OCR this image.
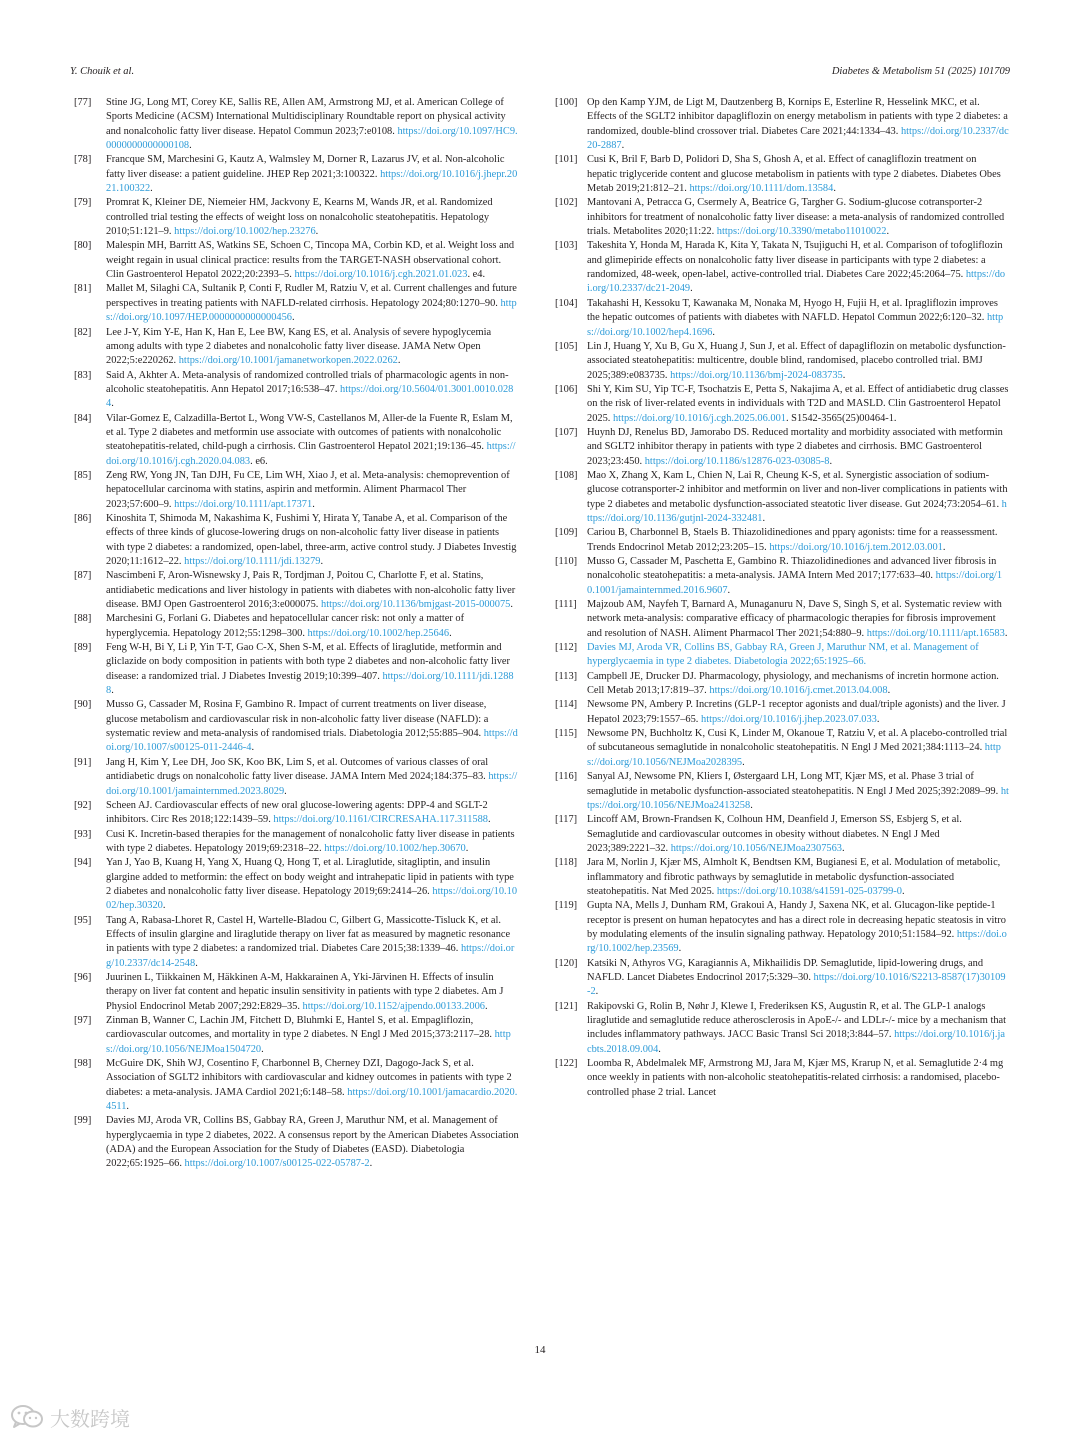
Y. Chouik et al.	Diabetes & Metabolism 51 (2025) 101709

[77]	Stine JG, Long MT, Corey KE, Sallis RE, Allen AM, Armstrong MJ, et al. American College of Sports Medicine (ACSM) International Multidisciplinary Roundtable report on physical activity and nonalcoholic fatty liver disease. Hepatol Commun 2023;7:e0108. https://doi.org/10.1097/HC9.0000000000000108.

[78]	Francque SM, Marchesini G, Kautz A, Walmsley M, Dorner R, Lazarus JV, et al. Non-alcoholic fatty liver disease: a patient guideline. JHEP Rep 2021;3:100322. https://doi.org/10.1016/j.jhepr.2021.100322.

[79]	Promrat K, Kleiner DE, Niemeier HM, Jackvony E, Kearns M, Wands JR, et al. Randomized controlled trial testing the effects of weight loss on nonalcoholic steatohepatitis. Hepatology 2010;51:121–9. https://doi.org/10.1002/hep.23276.

[80]	Malespin MH, Barritt AS, Watkins SE, Schoen C, Tincopa MA, Corbin KD, et al. Weight loss and weight regain in usual clinical practice: results from the TARGET-NASH observational cohort. Clin Gastroenterol Hepatol 2022;20:2393–5. https://doi.org/10.1016/j.cgh.2021.01.023. e4.

[81]	Mallet M, Silaghi CA, Sultanik P, Conti F, Rudler M, Ratziu V, et al. Current challenges and future perspectives in treating patients with NAFLD-related cirrhosis. Hepatology 2024;80:1270–90. https://doi.org/10.1097/HEP.0000000000000456.

[82]	Lee J-Y, Kim Y-E, Han K, Han E, Lee BW, Kang ES, et al. Analysis of severe hypoglycemia among adults with type 2 diabetes and nonalcoholic fatty liver disease. JAMA Netw Open 2022;5:e220262. https://doi.org/10.1001/jamanetworkopen.2022.0262.

[83]	Said A, Akhter A. Meta-analysis of randomized controlled trials of pharmacologic agents in non-alcoholic steatohepatitis. Ann Hepatol 2017;16:538–47. https://doi.org/10.5604/01.3001.0010.0284.

[84]	Vilar-Gomez E, Calzadilla-Bertot L, Wong VW-S, Castellanos M, Aller-de la Fuente R, Eslam M, et al. Type 2 diabetes and metformin use associate with outcomes of patients with nonalcoholic steatohepatitis-related, child-pugh a cirrhosis. Clin Gastroenterol Hepatol 2021;19:136–45. https://doi.org/10.1016/j.cgh.2020.04.083. e6.

[85]	Zeng RW, Yong JN, Tan DJH, Fu CE, Lim WH, Xiao J, et al. Meta-analysis: chemoprevention of hepatocellular carcinoma with statins, aspirin and metformin. Aliment Pharmacol Ther 2023;57:600–9. https://doi.org/10.1111/apt.17371.

[86]	Kinoshita T, Shimoda M, Nakashima K, Fushimi Y, Hirata Y, Tanabe A, et al. Comparison of the effects of three kinds of glucose-lowering drugs on non-alcoholic fatty liver disease in patients with type 2 diabetes: a randomized, open-label, three-arm, active control study. J Diabetes Investig 2020;11:1612–22. https://doi.org/10.1111/jdi.13279.

[87]	Nascimbeni F, Aron-Wisnewsky J, Pais R, Tordjman J, Poitou C, Charlotte F, et al. Statins, antidiabetic medications and liver histology in patients with diabetes with non-alcoholic fatty liver disease. BMJ Open Gastroenterol 2016;3:e000075. https://doi.org/10.1136/bmjgast-2015-000075.

[88]	Marchesini G, Forlani G. Diabetes and hepatocellular cancer risk: not only a matter of hyperglycemia. Hepatology 2012;55:1298–300. https://doi.org/10.1002/hep.25646.

[89]	Feng W-H, Bi Y, Li P, Yin T-T, Gao C-X, Shen S-M, et al. Effects of liraglutide, metformin and gliclazide on body composition in patients with both type 2 diabetes and non-alcoholic fatty liver disease: a randomized trial. J Diabetes Investig 2019;10:399–407. https://doi.org/10.1111/jdi.12888.

[90]	Musso G, Cassader M, Rosina F, Gambino R. Impact of current treatments on liver disease, glucose metabolism and cardiovascular risk in non-alcoholic fatty liver disease (NAFLD): a systematic review and meta-analysis of randomised trials. Diabetologia 2012;55:885–904. https://doi.org/10.1007/s00125-011-2446-4.

[91]	Jang H, Kim Y, Lee DH, Joo SK, Koo BK, Lim S, et al. Outcomes of various classes of oral antidiabetic drugs on nonalcoholic fatty liver disease. JAMA Intern Med 2024;184:375–83. https://doi.org/10.1001/jamainternmed.2023.8029.

[92]	Scheen AJ. Cardiovascular effects of new oral glucose-lowering agents: DPP-4 and SGLT-2 inhibitors. Circ Res 2018;122:1439–59. https://doi.org/10.1161/CIRCRESAHA.117.311588.

[93]	Cusi K. Incretin-based therapies for the management of nonalcoholic fatty liver disease in patients with type 2 diabetes. Hepatology 2019;69:2318–22. https://doi.org/10.1002/hep.30670.

[94]	Yan J, Yao B, Kuang H, Yang X, Huang Q, Hong T, et al. Liraglutide, sitagliptin, and insulin glargine added to metformin: the effect on body weight and intrahepatic lipid in patients with type 2 diabetes and nonalcoholic fatty liver disease. Hepatology 2019;69:2414–26. https://doi.org/10.1002/hep.30320.

[95]	Tang A, Rabasa-Lhoret R, Castel H, Wartelle-Bladou C, Gilbert G, Massicotte-Tisluck K, et al. Effects of insulin glargine and liraglutide therapy on liver fat as measured by magnetic resonance in patients with type 2 diabetes: a randomized trial. Diabetes Care 2015;38:1339–46. https://doi.org/10.2337/dc14-2548.

[96]	Juurinen L, Tiikkainen M, Häkkinen A-M, Hakkarainen A, Yki-Järvinen H. Effects of insulin therapy on liver fat content and hepatic insulin sensitivity in patients with type 2 diabetes. Am J Physiol Endocrinol Metab 2007;292:E829–35. https://doi.org/10.1152/ajpendo.00133.2006.

[97]	Zinman B, Wanner C, Lachin JM, Fitchett D, Bluhmki E, Hantel S, et al. Empagliflozin, cardiovascular outcomes, and mortality in type 2 diabetes. N Engl J Med 2015;373:2117–28. https://doi.org/10.1056/NEJMoa1504720.

[98]	McGuire DK, Shih WJ, Cosentino F, Charbonnel B, Cherney DZI, Dagogo-Jack S, et al. Association of SGLT2 inhibitors with cardiovascular and kidney outcomes in patients with type 2 diabetes: a meta-analysis. JAMA Cardiol 2021;6:148–58. https://doi.org/10.1001/jamacardio.2020.4511.

[99]	Davies MJ, Aroda VR, Collins BS, Gabbay RA, Green J, Maruthur NM, et al. Management of hyperglycaemia in type 2 diabetes, 2022. A consensus report by the American Diabetes Association (ADA) and the European Association for the Study of Diabetes (EASD). Diabetologia 2022;65:1925–66. https://doi.org/10.1007/s00125-022-05787-2.

[100] Op den Kamp YJM, de Ligt M, Dautzenberg B, Kornips E, Esterline R, Hesselink MKC, et al. Effects of the SGLT2 inhibitor dapagliflozin on energy metabolism in patients with type 2 diabetes: a randomized, double-blind crossover trial. Diabetes Care 2021;44:1334–43. https://doi.org/10.2337/dc20-2887.

[101] Cusi K, Bril F, Barb D, Polidori D, Sha S, Ghosh A, et al. Effect of canagliflozin treatment on hepatic triglyceride content and glucose metabolism in patients with type 2 diabetes. Diabetes Obes Metab 2019;21:812–21. https://doi.org/10.1111/dom.13584.

[102] Mantovani A, Petracca G, Csermely A, Beatrice G, Targher G. Sodium-glucose cotransporter-2 inhibitors for treatment of nonalcoholic fatty liver disease: a meta-analysis of randomized controlled trials. Metabolites 2020;11:22. https://doi.org/10.3390/metabo11010022.

[103] Takeshita Y, Honda M, Harada K, Kita Y, Takata N, Tsujiguchi H, et al. Comparison of tofogliflozin and glimepiride effects on nonalcoholic fatty liver disease in participants with type 2 diabetes: a randomized, 48-week, open-label, active-controlled trial. Diabetes Care 2022;45:2064–75. https://doi.org/10.2337/dc21-2049.

[104] Takahashi H, Kessoku T, Kawanaka M, Nonaka M, Hyogo H, Fujii H, et al. Ipragliflozin improves the hepatic outcomes of patients with diabetes with NAFLD. Hepatol Commun 2022;6:120–32. https://doi.org/10.1002/hep4.1696.

[105] Lin J, Huang Y, Xu B, Gu X, Huang J, Sun J, et al. Effect of dapagliflozin on metabolic dysfunction-associated steatohepatitis: multicentre, double blind, randomised, placebo controlled trial. BMJ 2025;389:e083735. https://doi.org/10.1136/bmj-2024-083735.

[106] Shi Y, Kim SU, Yip TC-F, Tsochatzis E, Petta S, Nakajima A, et al. Effect of antidiabetic drug classes on the risk of liver-related events in individuals with T2D and MASLD. Clin Gastroenterol Hepatol 2025. https://doi.org/10.1016/j.cgh.2025.06.001. S1542-3565(25)00464-1.

[107] Huynh DJ, Renelus BD, Jamorabo DS. Reduced mortality and morbidity associated with metformin and SGLT2 inhibitor therapy in patients with type 2 diabetes and cirrhosis. BMC Gastroenterol 2023;23:450. https://doi.org/10.1186/s12876-023-03085-8.

[108] Mao X, Zhang X, Kam L, Chien N, Lai R, Cheung K-S, et al. Synergistic association of sodium-glucose cotransporter-2 inhibitor and metformin on liver and non-liver complications in patients with type 2 diabetes and metabolic dysfunction-associated steatotic liver disease. Gut 2024;73:2054–61. https://doi.org/10.1136/gutjnl-2024-332481.

[109] Cariou B, Charbonnel B, Staels B. Thiazolidinediones and pparγ agonists: time for a reassessment. Trends Endocrinol Metab 2012;23:205–15. https://doi.org/10.1016/j.tem.2012.03.001.

[110] Musso G, Cassader M, Paschetta E, Gambino R. Thiazolidinediones and advanced liver fibrosis in nonalcoholic steatohepatitis: a meta-analysis. JAMA Intern Med 2017;177:633–40. https://doi.org/10.1001/jamainternmed.2016.9607.

[111] Majzoub AM, Nayfeh T, Barnard A, Munaganuru N, Dave S, Singh S, et al. Systematic review with network meta-analysis: comparative efficacy of pharmacologic therapies for fibrosis improvement and resolution of NASH. Aliment Pharmacol Ther 2021;54:880–9. https://doi.org/10.1111/apt.16583.

[112] Davies MJ, Aroda VR, Collins BS, Gabbay RA, Green J, Maruthur NM, et al. Management of hyperglycaemia in type 2 diabetes. Diabetologia 2022;65:1925–66.

[113] Campbell JE, Drucker DJ. Pharmacology, physiology, and mechanisms of incretin hormone action. Cell Metab 2013;17:819–37. https://doi.org/10.1016/j.cmet.2013.04.008.

[114] Newsome PN, Ambery P. Incretins (GLP-1 receptor agonists and dual/triple agonists) and the liver. J Hepatol 2023;79:1557–65. https://doi.org/10.1016/j.jhep.2023.07.033.

[115] Newsome PN, Buchholtz K, Cusi K, Linder M, Okanoue T, Ratziu V, et al. A placebo-controlled trial of subcutaneous semaglutide in nonalcoholic steatohepatitis. N Engl J Med 2021;384:1113–24. https://doi.org/10.1056/NEJMoa2028395.

[116] Sanyal AJ, Newsome PN, Kliers I, Østergaard LH, Long MT, Kjær MS, et al. Phase 3 trial of semaglutide in metabolic dysfunction-associated steatohepatitis. N Engl J Med 2025;392:2089–99. https://doi.org/10.1056/NEJMoa2413258.

[117] Lincoff AM, Brown-Frandsen K, Colhoun HM, Deanfield J, Emerson SS, Esbjerg S, et al. Semaglutide and cardiovascular outcomes in obesity without diabetes. N Engl J Med 2023;389:2221–32. https://doi.org/10.1056/NEJMoa2307563.

[118] Jara M, Norlin J, Kjær MS, Almholt K, Bendtsen KM, Bugianesi E, et al. Modulation of metabolic, inflammatory and fibrotic pathways by semaglutide in metabolic dysfunction-associated steatohepatitis. Nat Med 2025. https://doi.org/10.1038/s41591-025-03799-0.

[119] Gupta NA, Mells J, Dunham RM, Grakoui A, Handy J, Saxena NK, et al. Glucagon-like peptide-1 receptor is present on human hepatocytes and has a direct role in decreasing hepatic steatosis in vitro by modulating elements of the insulin signaling pathway. Hepatology 2010;51:1584–92. https://doi.org/10.1002/hep.23569.

[120] Katsiki N, Athyros VG, Karagiannis A, Mikhailidis DP. Semaglutide, lipid-lowering drugs, and NAFLD. Lancet Diabetes Endocrinol 2017;5:329–30. https://doi.org/10.1016/S2213-8587(17)30109-2.

[121] Rakipovski G, Rolin B, Nøhr J, Klewe I, Frederiksen KS, Augustin R, et al. The GLP-1 analogs liraglutide and semaglutide reduce atherosclerosis in ApoE-/- and LDLr-/- mice by a mechanism that includes inflammatory pathways. JACC Basic Transl Sci 2018;3:844–57. https://doi.org/10.1016/j.jacbts.2018.09.004.

[122] Loomba R, Abdelmalek MF, Armstrong MJ, Jara M, Kjær MS, Krarup N, et al. Semaglutide 2·4 mg once weekly in patients with non-alcoholic steatohepatitis-related cirrhosis: a randomised, placebo-controlled phase 2 trial. Lancet

14
大数跨境
